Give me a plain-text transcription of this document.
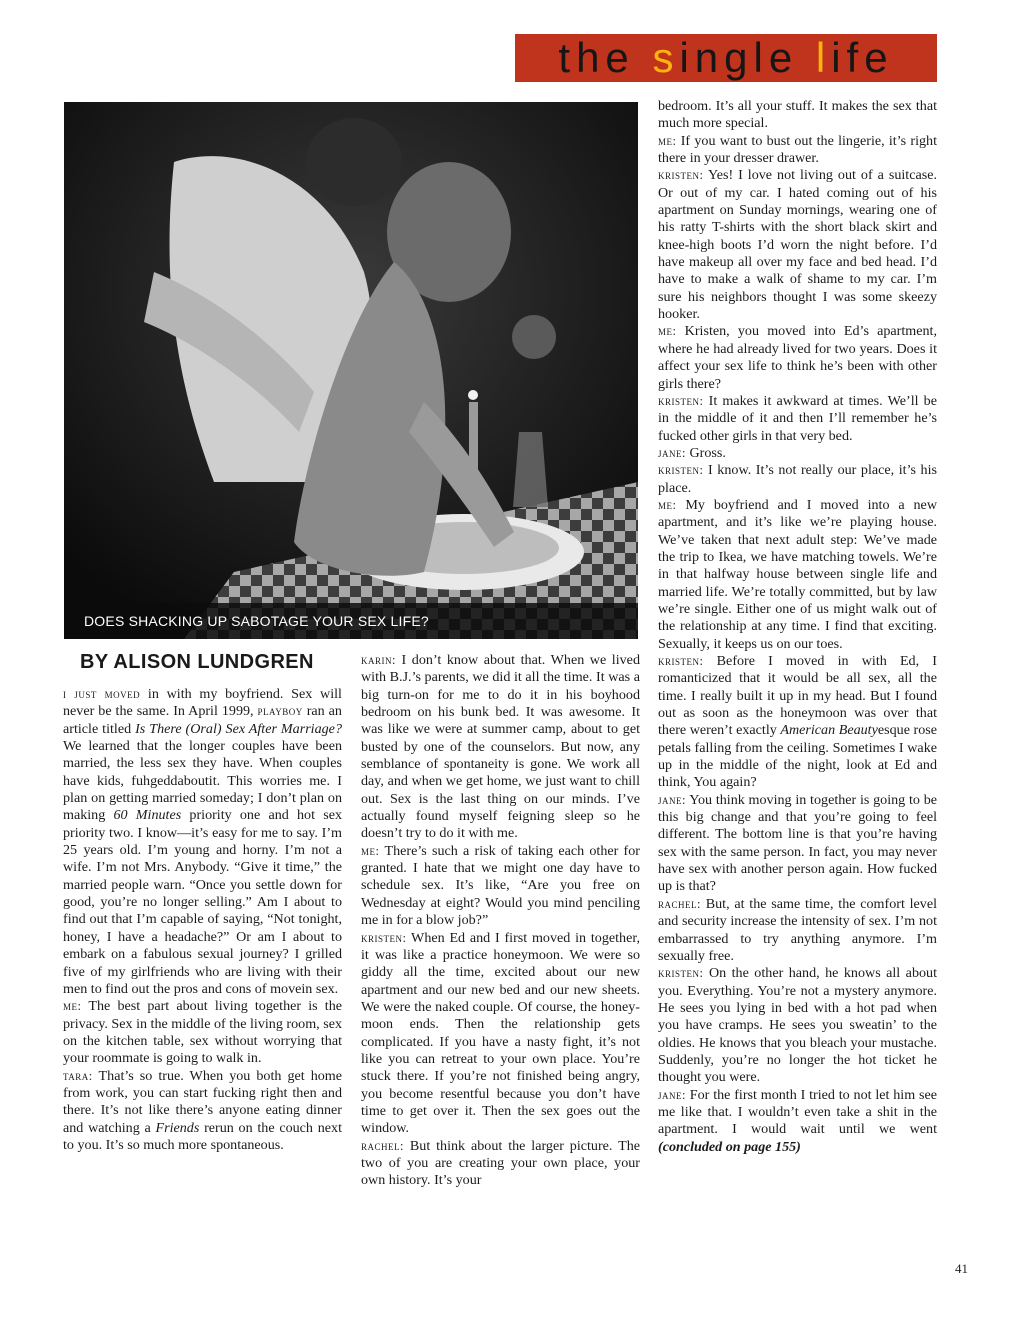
the single life
DOES SHACKING UP SABOTAGE YOUR SEX LIFE?
BY ALISON LUNDGREN

i just moved in with my boyfriend. Sex will never be the same. In April 1999, playboy ran an article titled Is There (Oral) Sex After Marriage? We learned that the longer couples have been married, the less sex they have. When couples have kids, fuhgeddaboutit. This worries me. I plan on getting married someday; I don’t plan on making 60 Minutes priority one and hot sex priority two. I know—it’s easy for me to say. I’m 25 years old. I’m young and horny. I’m not a wife. I’m not Mrs. Anybody. “Give it time,” the married people warn. “Once you settle down for good, you’re no longer selling.” Am I about to find out that I’m capable of saying, “Not tonight, honey, I have a headache?” Or am I about to embark on a fabulous sexual journey? I grilled five of my girlfriends who are living with their men to find out the pros and cons of movein sex.

me: The best part about living together is the privacy. Sex in the middle of the living room, sex on the kitchen table, sex without worrying that your roommate is going to walk in.

tara: That’s so true. When you both get home from work, you can start fucking right then and there. It’s not like there’s anyone eating dinner and watching a Friends rerun on the couch next to you. It’s so much more spontaneous.

karin: I don’t know about that. When we lived with B.J.’s parents, we did it all the time. It was a big turn-on for me to do it in his boyhood bedroom on his bunk bed. It was awesome. It was like we were at summer camp, about to get busted by one of the counselors. But now, any semblance of spontaneity is gone. We work all day, and when we get home, we just want to chill out. Sex is the last thing on our minds. I’ve actually found myself feigning sleep so he doesn’t try to do it with me.

me: There’s such a risk of taking each other for granted. I hate that we might one day have to schedule sex. It’s like, “Are you free on Wednesday at eight? Would you mind penciling me in for a blow job?”

kristen: When Ed and I first moved in together, it was like a practice honeymoon. We were so giddy all the time, excited about our new apartment and our new bed and our new sheets. We were the naked couple. Of course, the honeymoon ends. Then the relationship gets complicated. If you have a nasty fight, it’s not like you can retreat to your own place. You’re stuck there. If you’re not finished being angry, you become resentful because you don’t have time to get over it. Then the sex goes out the window.

rachel: But think about the larger picture. The two of you are creating your own place, your own history. It’s your

bedroom. It’s all your stuff. It makes the sex that much more special.

me: If you want to bust out the lingerie, it’s right there in your dresser drawer.

kristen: Yes! I love not living out of a suitcase. Or out of my car. I hated coming out of his apartment on Sunday mornings, wearing one of his ratty T-shirts with the short black skirt and knee-high boots I’d worn the night before. I’d have makeup all over my face and bed head. I’d have to make a walk of shame to my car. I’m sure his neighbors thought I was some skeezy hooker.

me: Kristen, you moved into Ed’s apartment, where he had already lived for two years. Does it affect your sex life to think he’s been with other girls there?

kristen: It makes it awkward at times. We’ll be in the middle of it and then I’ll remember he’s fucked other girls in that very bed.

jane: Gross.

kristen: I know. It’s not really our place, it’s his place.

me: My boyfriend and I moved into a new apartment, and it’s like we’re playing house. We’ve taken that next adult step: We’ve made the trip to Ikea, we have matching towels. We’re in that halfway house between single life and married life. We’re totally committed, but by law we’re single. Either one of us might walk out of the relationship at any time. I find that exciting. Sexually, it keeps us on our toes.

kristen: Before I moved in with Ed, I romanticized that it would be all sex, all the time. I really built it up in my head. But I found out as soon as the honeymoon was over that there weren’t exactly American Beautyesque rose petals falling from the ceiling. Sometimes I wake up in the middle of the night, look at Ed and think, You again?

jane: You think moving in together is going to be this big change and that you’re going to feel different. The bottom line is that you’re having sex with the same person. In fact, you may never have sex with another person again. How fucked up is that?

rachel: But, at the same time, the comfort level and security increase the intensity of sex. I’m not embarrassed to try anything anymore. I’m sexually free.

kristen: On the other hand, he knows all about you. Everything. You’re not a mystery anymore. He sees you lying in bed with a hot pad when you have cramps. He sees you sweatin’ to the oldies. He knows that you bleach your mustache. Suddenly, you’re no longer the hot ticket he thought you were.

jane: For the first month I tried to not let him see me like that. I wouldn’t even take a shit in the apartment. I would wait until we went (concluded on page 155)

41
